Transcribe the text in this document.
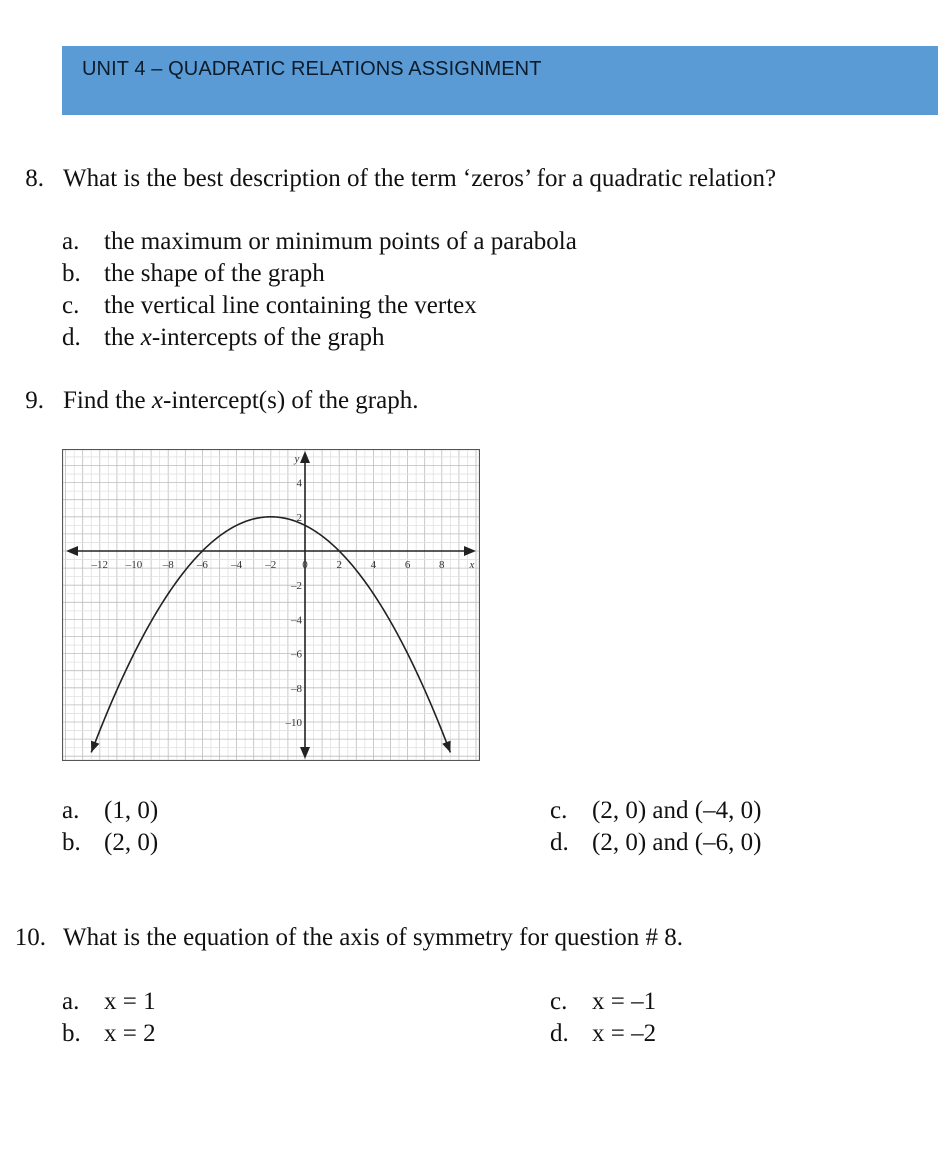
UNIT 4 – QUADRATIC RELATIONS ASSIGNMENT
8. What is the best description of the term ‘zeros’ for a quadratic relation?
a. the maximum or minimum points of a parabola
b. the shape of the graph
c. the vertical line containing the vertex
d. the x-intercepts of the graph
9. Find the x-intercept(s) of the graph.
–12 –10 –8 –6 –4 –2 0	2	4	6	8
4
2
–2
–4
–6
–8
–10
x
y
a. (1, 0)
b. (2, 0)
c. (2, 0) and (–4, 0)
d. (2, 0) and (–6, 0)
10. What is the equation of the axis of symmetry for question # 8.
a. x = 1
b. x = 2
c. x = –1
d. x = –2
